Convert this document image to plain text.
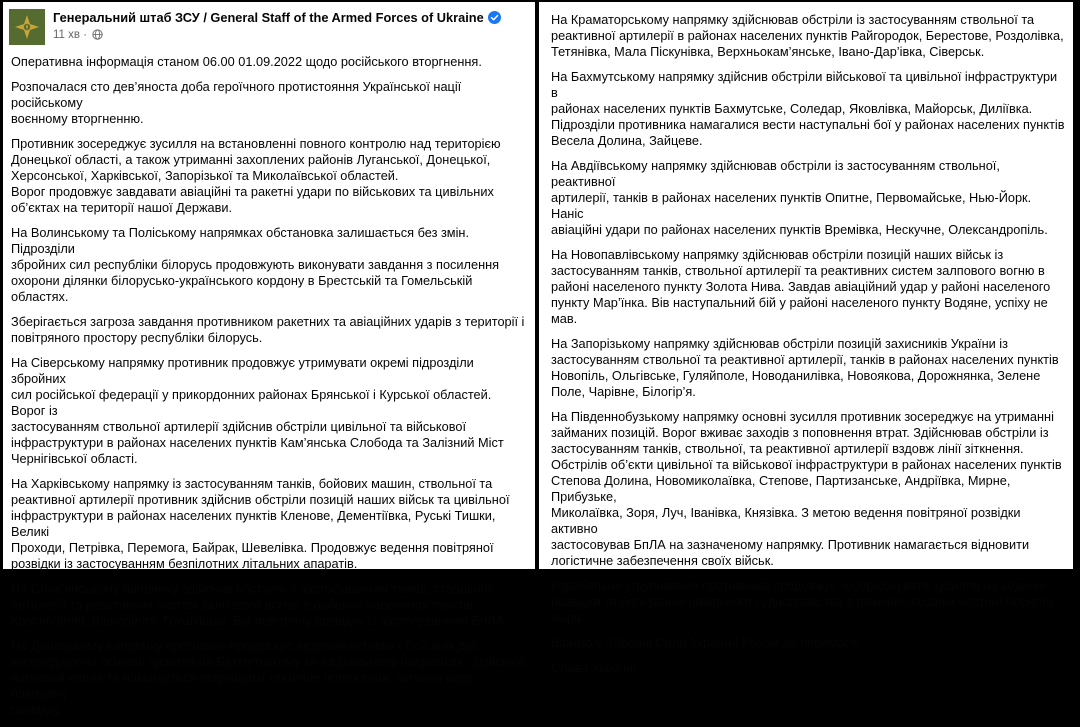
Генеральний штаб ЗСУ / General Staff of the Armed Forces of Ukraine
11 хв ·

Оперативна інформація станом 06.00 01.09.2022 щодо російського вторгнення.

Розпочалася сто дев’яноста доба героїчного протистояння Української нації російському
воєнному вторгненню.

Противник зосереджує зусилля на встановленні повного контролю над територією
Донецької області, а також утриманні захоплених районів Луганської, Донецької,
Херсонської, Харківської, Запорізької та Миколаївської областей.
Ворог продовжує завдавати авіаційні та ракетні удари по військових та цивільних
об’єктах на території нашої Держави.

На Волинському та Поліському напрямках обстановка залишається без змін. Підрозділи
збройних сил республіки білорусь продовжують виконувати завдання з посилення
охорони ділянки білорусько-українського кордону в Брестській та Гомельській областях.

Зберігається загроза завдання противником ракетних та авіаційних ударів з території і
повітряного простору республіки білорусь.

На Сіверському напрямку противник продовжує утримувати окремі підрозділи збройних
сил російської федерації у прикордонних районах Брянської і Курської областей. Ворог із
застосуванням ствольної артилерії здійснив обстріли цивільної та військової
інфраструктури в районах населених пунктів Кам’янська Слобода та Залізний Міст
Чернігівської області.

На Харківському напрямку із застосуванням танків, бойових машин, ствольної та
реактивної артилерії противник здійснив обстріли позицій наших військ та цивільної
інфраструктури в районах населених пунктів Кленове, Дементіївка, Руські Тишки, Великі
Проходи, Петрівка, Перемога, Байрак, Шевелівка. Продовжує ведення повітряної
розвідки із застосуванням безпілотних літальних апаратів.

На Слов’янському напрямку здійснив обстріли з застосуванням танків, ствольної
артилерії та реактивних систем залпового вогню в районах населених пунктів
Краснопілля, Вірнопілля, Грушуваха. Вів повітряну розвідку із застосуванням БпЛА.

На Донецькому напрямку противник продовжує ведення активних бойових дій,
зосереджуючи основні зусилля на Бахмутському та Авдіївському напрямках. Здійснює
вогневий вплив та намагається покращити тактичне положення, активно веде повітряну
розвідку.

На Краматорському напрямку здійснював обстріли із застосуванням ствольної та
реактивної артилерії в районах населених пунктів Райгородок, Берестове, Роздолівка,
Тетянівка, Мала Піскунівка, Верхньокам’янське, Івано-Дар’івка, Сіверськ.

На Бахмутському напрямку здійснив обстріли військової та цивільної інфраструктури в
районах населених пунктів Бахмутське, Соледар, Яковлівка, Майорськ, Диліївка.
Підрозділи противника намагалися вести наступальні бої у районах населених пунктів
Весела Долина, Зайцеве.

На Авдіївському напрямку здійснював обстріли із застосуванням ствольної, реактивної
артилерії, танків в районах населених пунктів Опитне, Первомайське, Нью-Йорк. Наніс
авіаційні удари по районах населених пунктів Времівка, Нескучне, Олександропіль.

На Новопавлівському напрямку здійснював обстріли позицій наших військ із
застосуванням танків, ствольної артилерії та реактивних систем залпового вогню в
районі населеного пункту Золота Нива. Завдав авіаційний удар у районі населеного
пункту Мар’їнка. Вів наступальний бій у районі населеного пункту Водяне, успіху не мав.

На Запорізькому напрямку здійснював обстріли позицій захисників України із
застосуванням ствольної та реактивної артилерії, танків в районах населених пунктів
Новопіль, Ольгівське, Гуляйполе, Новоданилівка, Новоякова, Дорожнянка, Зелене
Поле, Чарівне, Білогір’я.

На Південнобузькому напрямку основні зусилля противник зосереджує на утриманні
займаних позицій. Ворог вживає заходів з поповнення втрат. Здійснював обстріли із
застосуванням танків, ствольної, та реактивної артилерії вздовж лінії зіткнення.
Обстрілів об’єкти цивільної та військової інфраструктури в районах населених пунктів
Степова Долина, Новомиколаївка, Степове, Партизанське, Андріївка, Мирне, Прибузьке,
Миколаївка, Зоря, Луч, Іванівка, Князівка. З метою ведення повітряної розвідки активно
застосовував БпЛА на зазначеному напрямку. Противник намагається відновити
логістичне забезпечення своїх військ.

Корабельне угруповання противника продовжує зосереджувати зусилля на веденні
розвідки та блокуванні цивільного судноплавства в північно-західній частині Чорного
моря.

Віримо у Збройні Сили України! Разом до перемоги!

Слава Україні!
